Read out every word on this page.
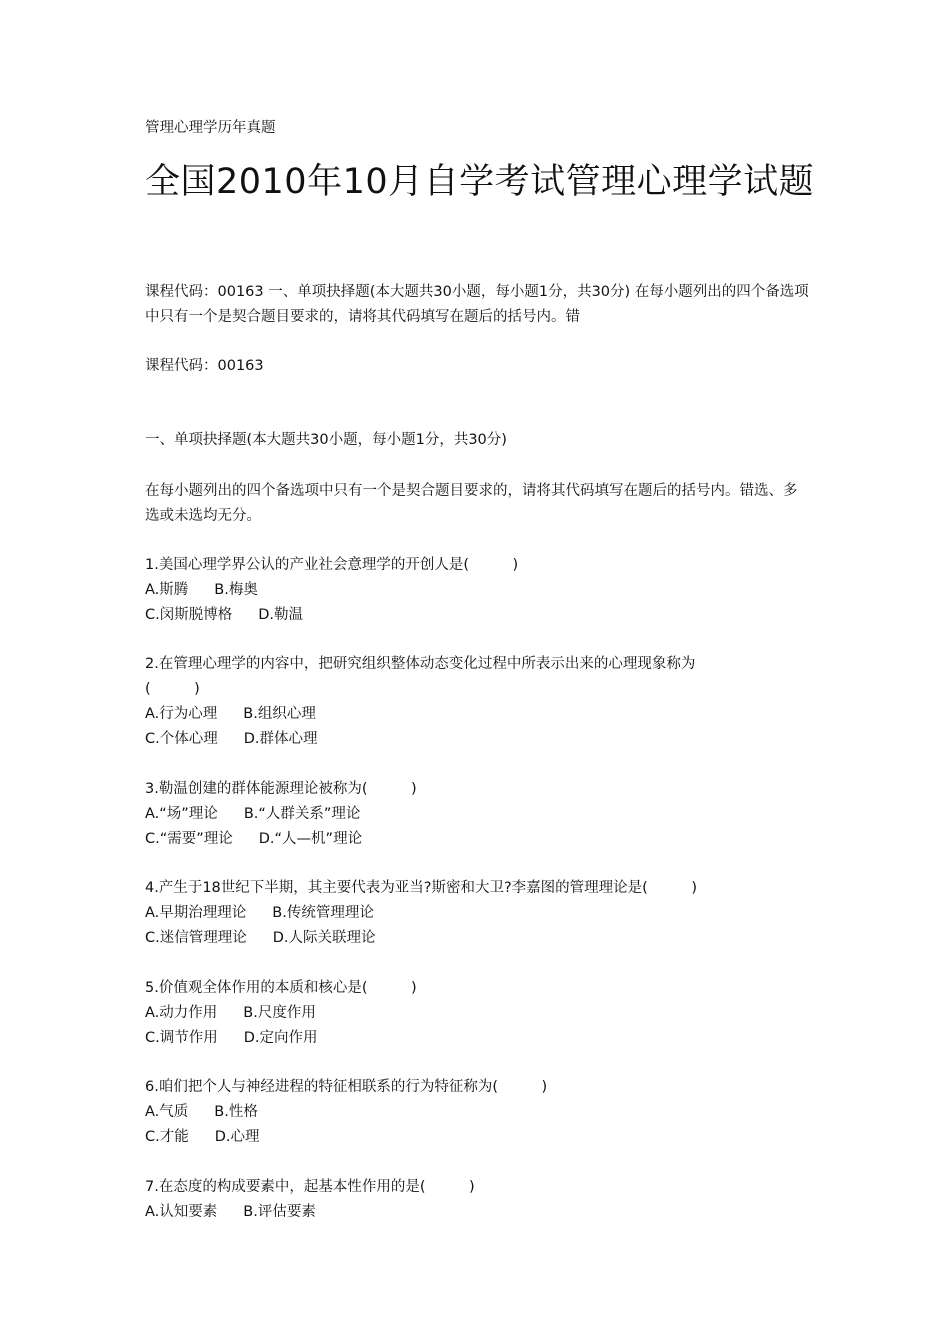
管理心理学历年真题
全国2010年10月自学考试管理心理学试题
课程代码：00163 一、单项抉择题(本大题共30小题，每小题1分，共30分) 在每小题列出的四个备选项中只有一个是契合题目要求的，请将其代码填写在题后的括号内。错
课程代码：00163
一、单项抉择题(本大题共30小题，每小题1分，共30分)
在每小题列出的四个备选项中只有一个是契合题目要求的，请将其代码填写在题后的括号内。错选、多选或未选均无分。
1.美国心理学界公认的产业社会意理学的开创人是(　　　)
A.斯腾 B.梅奥
C.闵斯脱博格 D.勒温
2.在管理心理学的内容中，把研究组织整体动态变化过程中所表示出来的心理现象称为
(　　　)
A.行为心理 B.组织心理
C.个体心理 D.群体心理
3.勒温创建的群体能源理论被称为(　　　)
A.“场”理论 B.“人群关系”理论
C.“需要”理论 D.“人—机”理论
4.产生于18世纪下半期，其主要代表为亚当?斯密和大卫?李嘉图的管理理论是(　　　)
A.早期治理理论 B.传统管理理论
C.迷信管理理论 D.人际关联理论
5.价值观全体作用的本质和核心是(　　　)
A.动力作用 B.尺度作用
C.调节作用 D.定向作用
6.咱们把个人与神经进程的特征相联系的行为特征称为(　　　)
A.气质 B.性格
C.才能 D.心理
7.在态度的构成要素中，起基本性作用的是(　　　)
A.认知要素 B.评估要素
